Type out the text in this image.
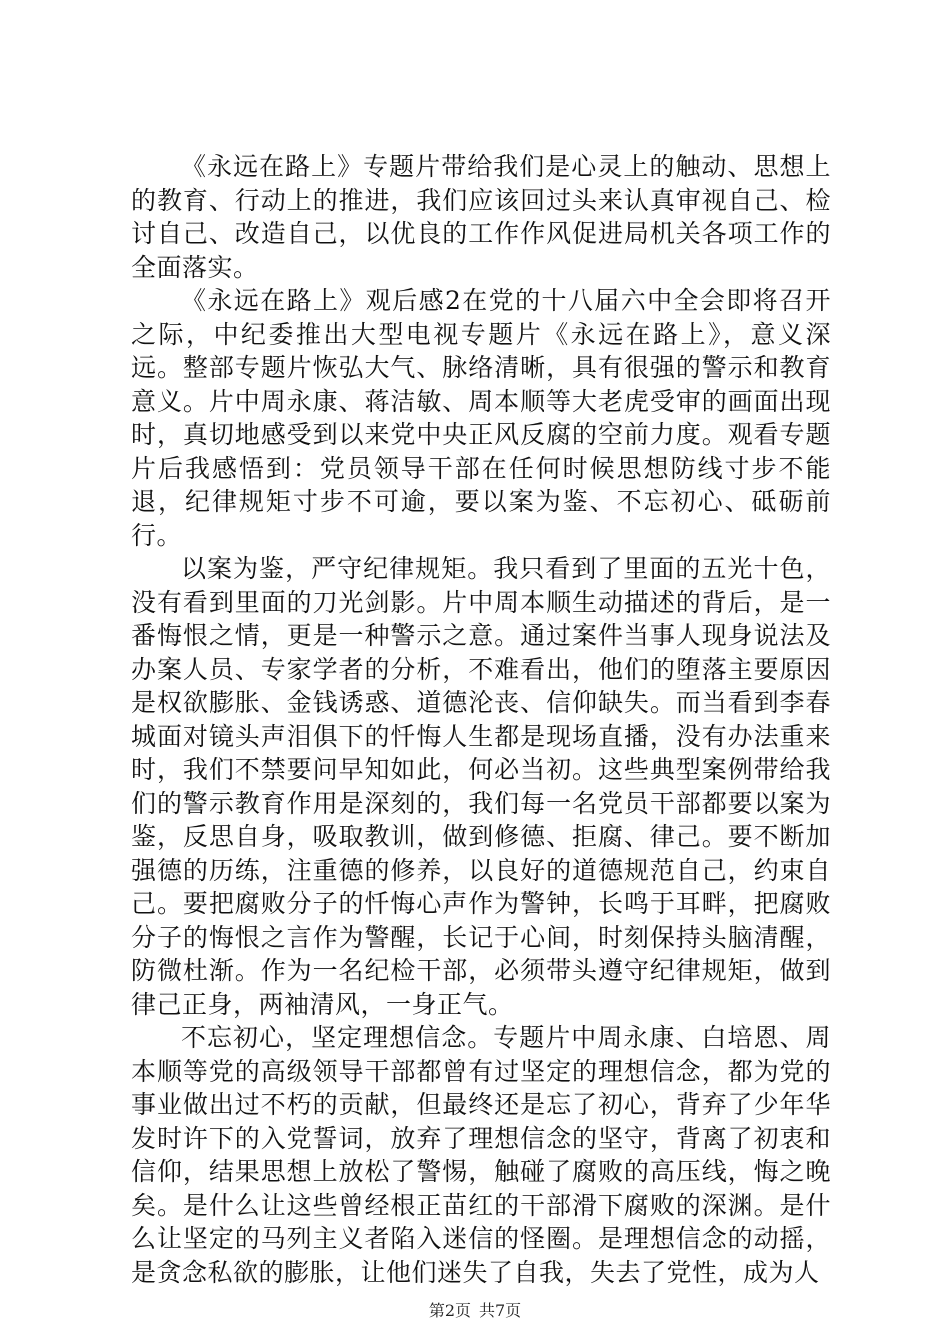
《永远在路上》专题片带给我们是心灵上的触动、思想上的教育、行动上的推进，我们应该回过头来认真审视自己、检讨自己、改造自己，以优良的工作作风促进局机关各项工作的全面落实。

《永远在路上》观后感2在党的十八届六中全会即将召开之际，中纪委推出大型电视专题片《永远在路上》，意义深远。整部专题片恢弘大气、脉络清晰，具有很强的警示和教育意义。片中周永康、蒋洁敏、周本顺等大老虎受审的画面出现时，真切地感受到以来党中央正风反腐的空前力度。观看专题片后我感悟到：党员领导干部在任何时候思想防线寸步不能退，纪律规矩寸步不可逾，要以案为鉴、不忘初心、砥砺前行。

以案为鉴，严守纪律规矩。我只看到了里面的五光十色，没有看到里面的刀光剑影。片中周本顺生动描述的背后，是一番悔恨之情，更是一种警示之意。通过案件当事人现身说法及办案人员、专家学者的分析，不难看出，他们的堕落主要原因是权欲膨胀、金钱诱惑、道德沦丧、信仰缺失。而当看到李春城面对镜头声泪俱下的忏悔人生都是现场直播，没有办法重来时，我们不禁要问早知如此，何必当初。这些典型案例带给我们的警示教育作用是深刻的，我们每一名党员干部都要以案为鉴，反思自身，吸取教训，做到修德、拒腐、律己。要不断加强德的历练，注重德的修养，以良好的道德规范自己，约束自己。要把腐败分子的忏悔心声作为警钟，长鸣于耳畔，把腐败分子的悔恨之言作为警醒，长记于心间，时刻保持头脑清醒，防微杜渐。作为一名纪检干部，必须带头遵守纪律规矩，做到律己正身，两袖清风，一身正气。

不忘初心，坚定理想信念。专题片中周永康、白培恩、周本顺等党的高级领导干部都曾有过坚定的理想信念，都为党的事业做出过不朽的贡献，但最终还是忘了初心，背弃了少年华发时许下的入党誓词，放弃了理想信念的坚守，背离了初衷和信仰，结果思想上放松了警惕，触碰了腐败的高压线，悔之晚矣。是什么让这些曾经根正苗红的干部滑下腐败的深渊。是什么让坚定的马列主义者陷入迷信的怪圈。是理想信念的动摇，是贪念私欲的膨胀，让他们迷失了自我，失去了党性，成为人

第2页 共7页
